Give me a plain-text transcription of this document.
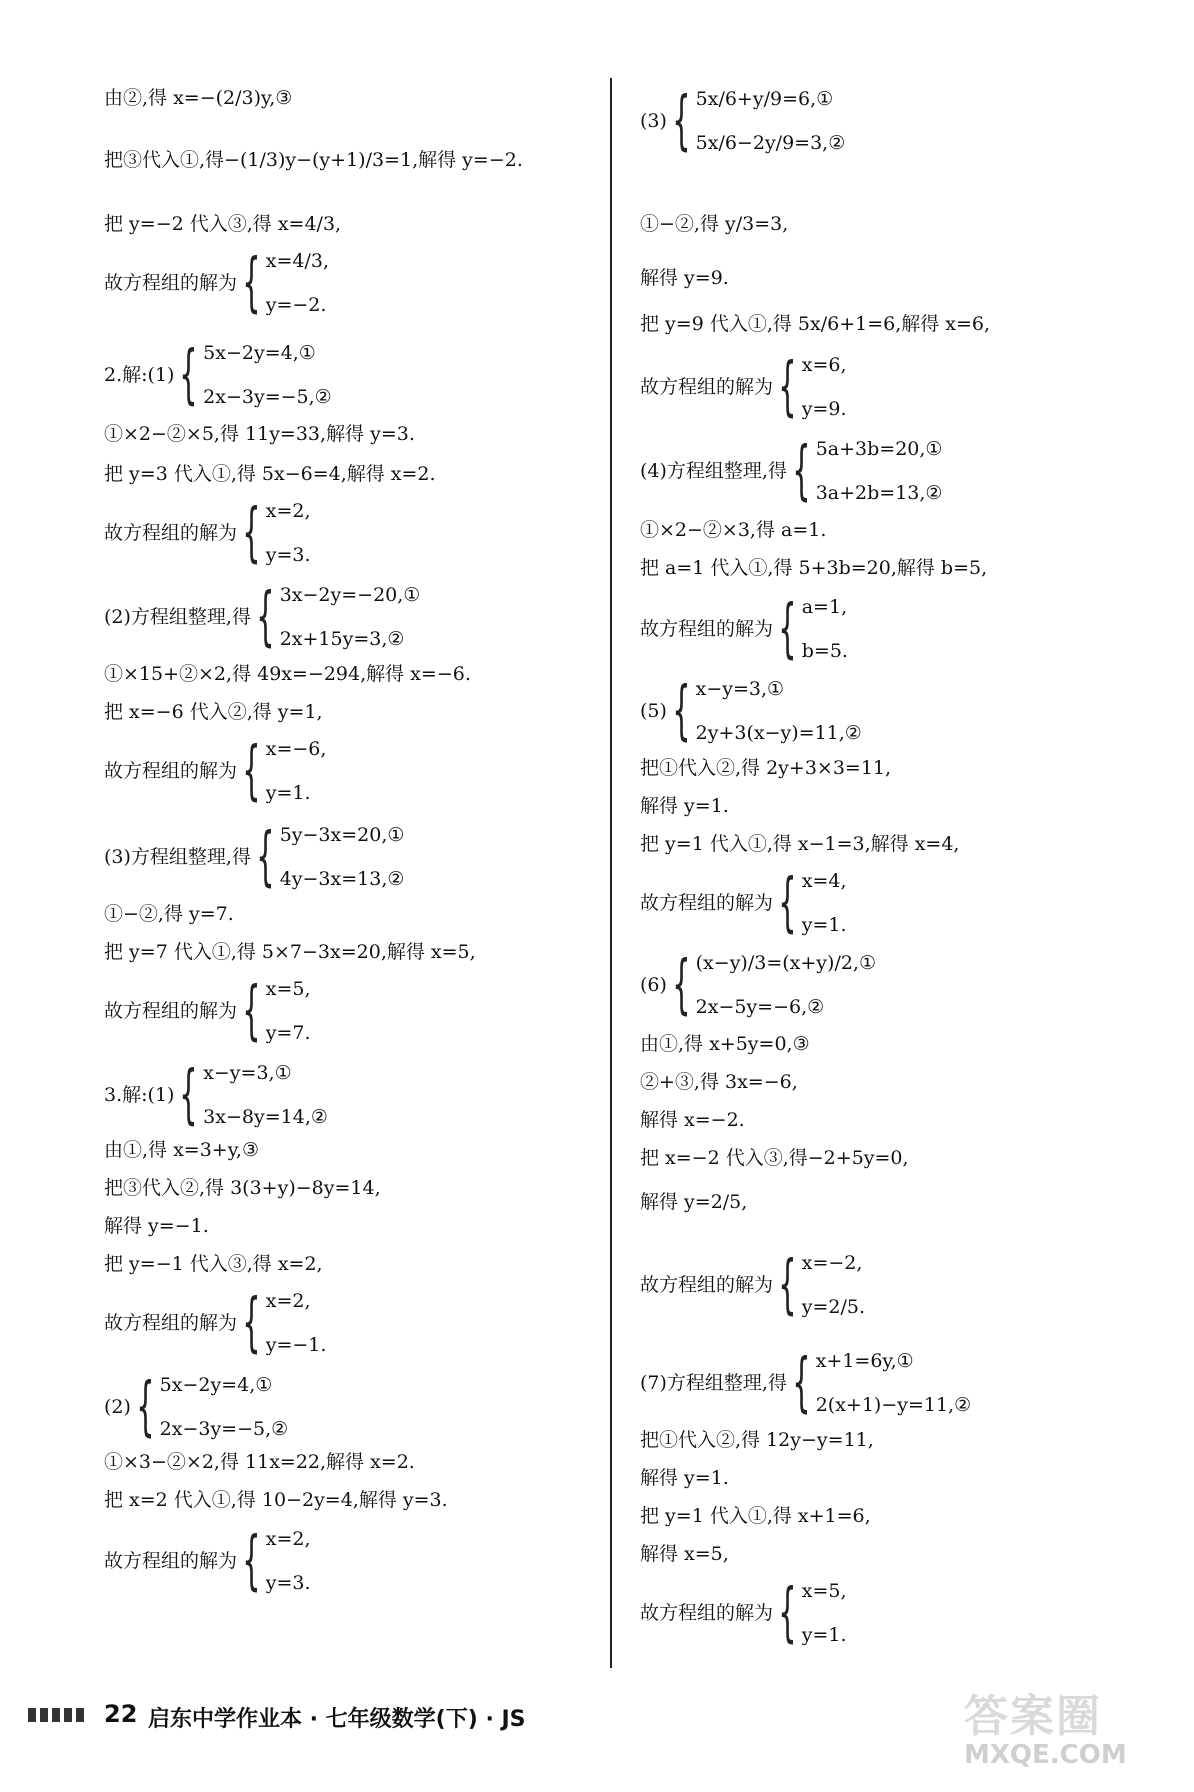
由②,得 x=−(2/3)y,③
把③代入①,得−(1/3)y−(y+1)/3=1,解得 y=−2.
把 y=−2 代入③,得 x=4/3,
故方程组的解为 { x=4/3,
y=−2.
2.解:(1) { 5x−2y=4,①
2x−3y=−5,②
①×2−②×5,得 11y=33,解得 y=3.
把 y=3 代入①,得 5x−6=4,解得 x=2.
故方程组的解为 { x=2,
y=3.
(2)方程组整理,得 { 3x−2y=−20,①
2x+15y=3,②
①×15+②×2,得 49x=−294,解得 x=−6.
把 x=−6 代入②,得 y=1,
故方程组的解为 { x=−6,
y=1.
(3)方程组整理,得 { 5y−3x=20,①
4y−3x=13,②
①−②,得 y=7.
把 y=7 代入①,得 5×7−3x=20,解得 x=5,
故方程组的解为 { x=5,
y=7.
3.解:(1) { x−y=3,①
3x−8y=14,②
由①,得 x=3+y,③
把③代入②,得 3(3+y)−8y=14,
解得 y=−1.
把 y=−1 代入③,得 x=2,
故方程组的解为 { x=2,
y=−1.
(2) { 5x−2y=4,①
2x−3y=−5,②
①×3−②×2,得 11x=22,解得 x=2.
把 x=2 代入①,得 10−2y=4,解得 y=3.
故方程组的解为 { x=2,
y=3.
(3) { 5x/6+y/9=6,①
5x/6−2y/9=3,②
①−②,得 y/3=3,
解得 y=9.
把 y=9 代入①,得 5x/6+1=6,解得 x=6,
故方程组的解为 { x=6,
y=9.
(4)方程组整理,得 { 5a+3b=20,①
3a+2b=13,②
①×2−②×3,得 a=1.
把 a=1 代入①,得 5+3b=20,解得 b=5,
故方程组的解为 { a=1,
b=5.
(5) { x−y=3,①
2y+3(x−y)=11,②
把①代入②,得 2y+3×3=11,
解得 y=1.
把 y=1 代入①,得 x−1=3,解得 x=4,
故方程组的解为 { x=4,
y=1.
(6) { (x−y)/3=(x+y)/2,①
2x−5y=−6,②
由①,得 x+5y=0,③
②+③,得 3x=−6,
解得 x=−2.
把 x=−2 代入③,得−2+5y=0,
解得 y=2/5,
故方程组的解为 { x=−2,
y=2/5.
(7)方程组整理,得 { x+1=6y,①
2(x+1)−y=11,②
把①代入②,得 12y−y=11,
解得 y=1.
把 y=1 代入①,得 x+1=6,
解得 x=5,
故方程组的解为 { x=5,
y=1.
22 启东中学作业本 · 七年级数学(下) · JS	答案圈
MXQE.COM
